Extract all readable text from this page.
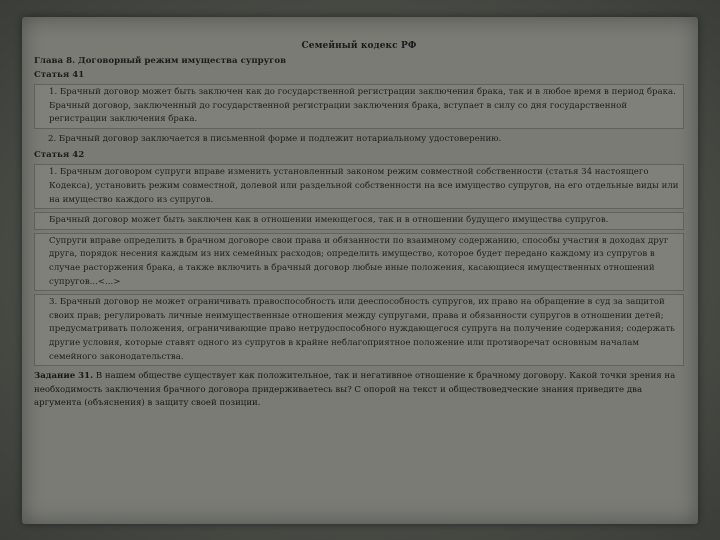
Семейный кодекс РФ
Глава 8. Договорный режим имущества супругов
Статья 41
1. Брачный договор может быть заключен как до государственной регистрации заключения брака, так и в любое время в период брака. Брачный договор, заключенный до государственной регистрации заключения брака, вступает в силу со дня государственной регистрации заключения брака.
2. Брачный договор заключается в письменной форме и подлежит нотариальному удостоверению.
Статья 42
1. Брачным договором супруги вправе изменить установленный законом режим совместной собственности (статья 34 настоящего Кодекса), установить режим совместной, долевой или раздельной собственности на все имущество супругов, на его отдельные виды или на имущество каждого из супругов.
Брачный договор может быть заключен как в отношении имеющегося, так и в отношении будущего имущества супругов.
Супруги вправе определить в брачном договоре свои права и обязанности по взаимному содержанию, способы участия в доходах друг друга, порядок несения каждым из них семейных расходов; определить имущество, которое будет передано каждому из супругов в случае расторжения брака, а также включить в брачный договор любые иные положения, касающиеся имущественных отношений супругов...<...>
3. Брачный договор не может ограничивать правоспособность или дееспособность супругов, их право на обращение в суд за защитой своих прав; регулировать личные неимущественные отношения между супругами, права и обязанности супругов в отношении детей; предусматривать положения, ограничивающие право нетрудоспособного нуждающегося супруга на получение содержания; содержать другие условия, которые ставят одного из супругов в крайне неблагоприятное положение или противоречат основным началам семейного законодательства.
Задание 31. В нашем обществе существует как положительное, так и негативное отношение к брачному договору. Какой точки зрения на необходимость заключения брачного договора придерживаетесь вы? С опорой на текст и обществоведческие знания приведите два аргумента (объяснения) в защиту своей позиции.
